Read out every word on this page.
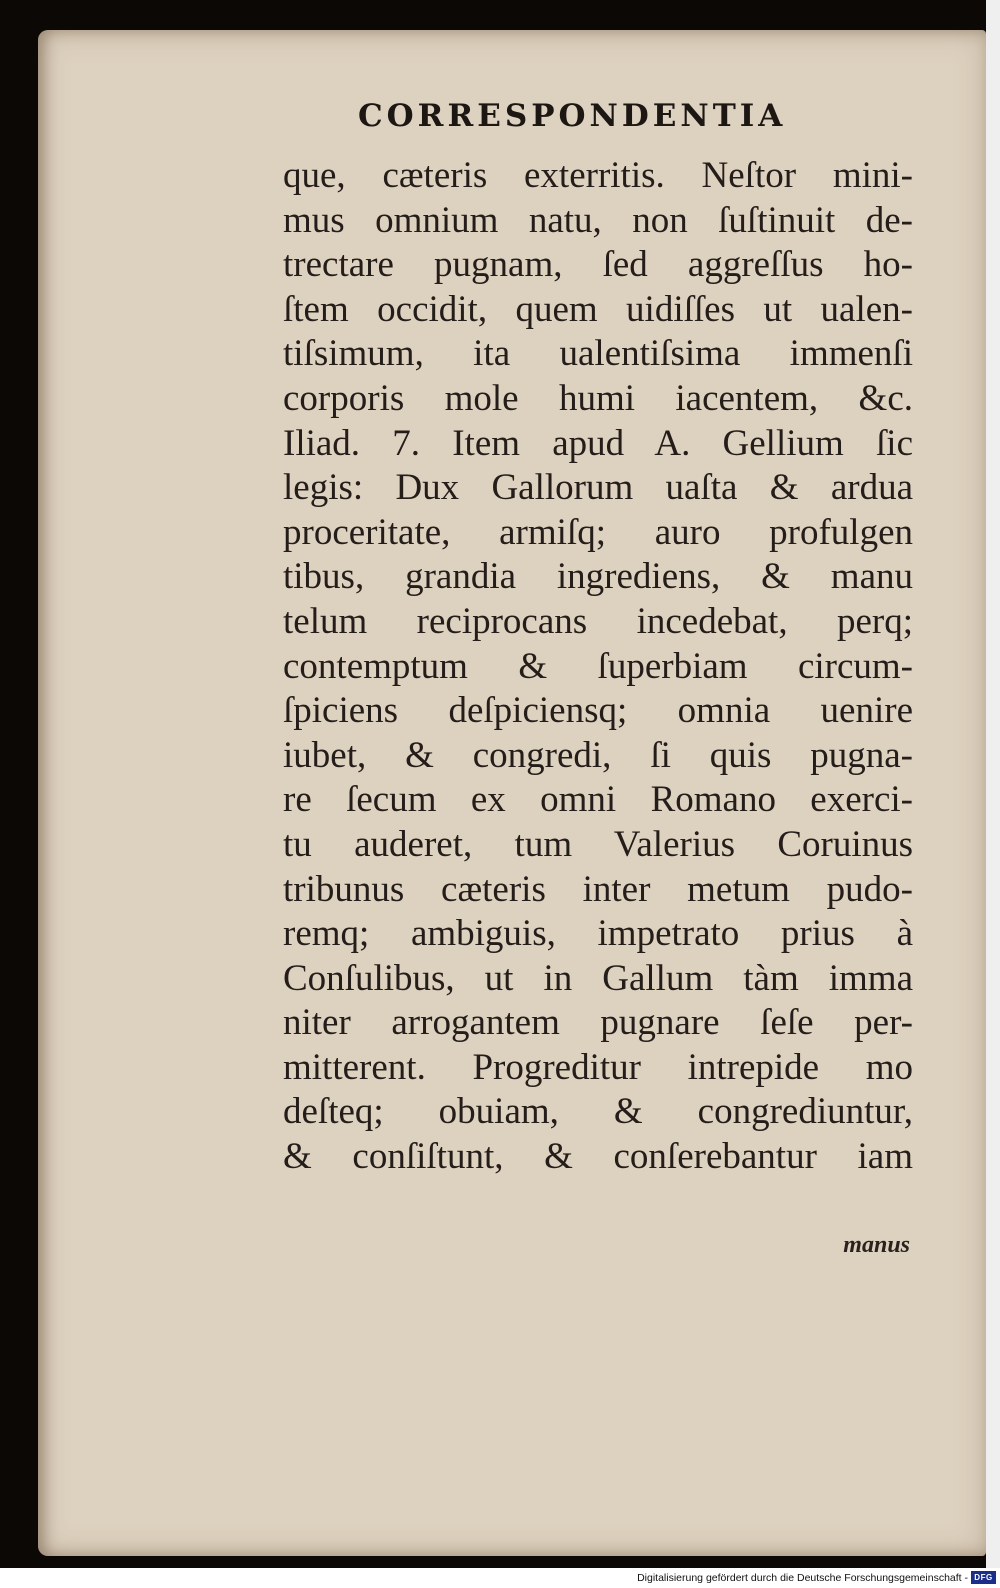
CORRESPONDENTIA
que, cæteris exterritis. Neſtor mini-
mus omnium natu, non ſuſtinuit de-
trectare pugnam, ſed aggreſſus ho-
ſtem occidit, quem uidiſſes ut ualen-
tiſsimum, ita ualentiſsima immenſi
corporis mole humi iacentem, &c.
Iliad. 7. Item apud A. Gellium ſic
legis: Dux Gallorum uaſta & ardua
proceritate, armiſq; auro profulgen
tibus, grandia ingrediens, & manu
telum reciprocans incedebat, perq;
contemptum & ſuperbiam circum-
ſpiciens deſpiciensq; omnia uenire
iubet, & congredi, ſi quis pugna-
re ſecum ex omni Romano exerci-
tu auderet, tum Valerius Coruinus
tribunus cæteris inter metum pudo-
remq; ambiguis, impetrato prius à
Conſulibus, ut in Gallum tàm imma
niter arrogantem pugnare ſeſe per-
mitterent. Progreditur intrepide mo
deſteq; obuiam, & congrediuntur,
& conſiſtunt, & conſerebantur iam

manus

Digitalisierung gefördert durch die Deutsche Forschungsgemeinschaft - DFG
